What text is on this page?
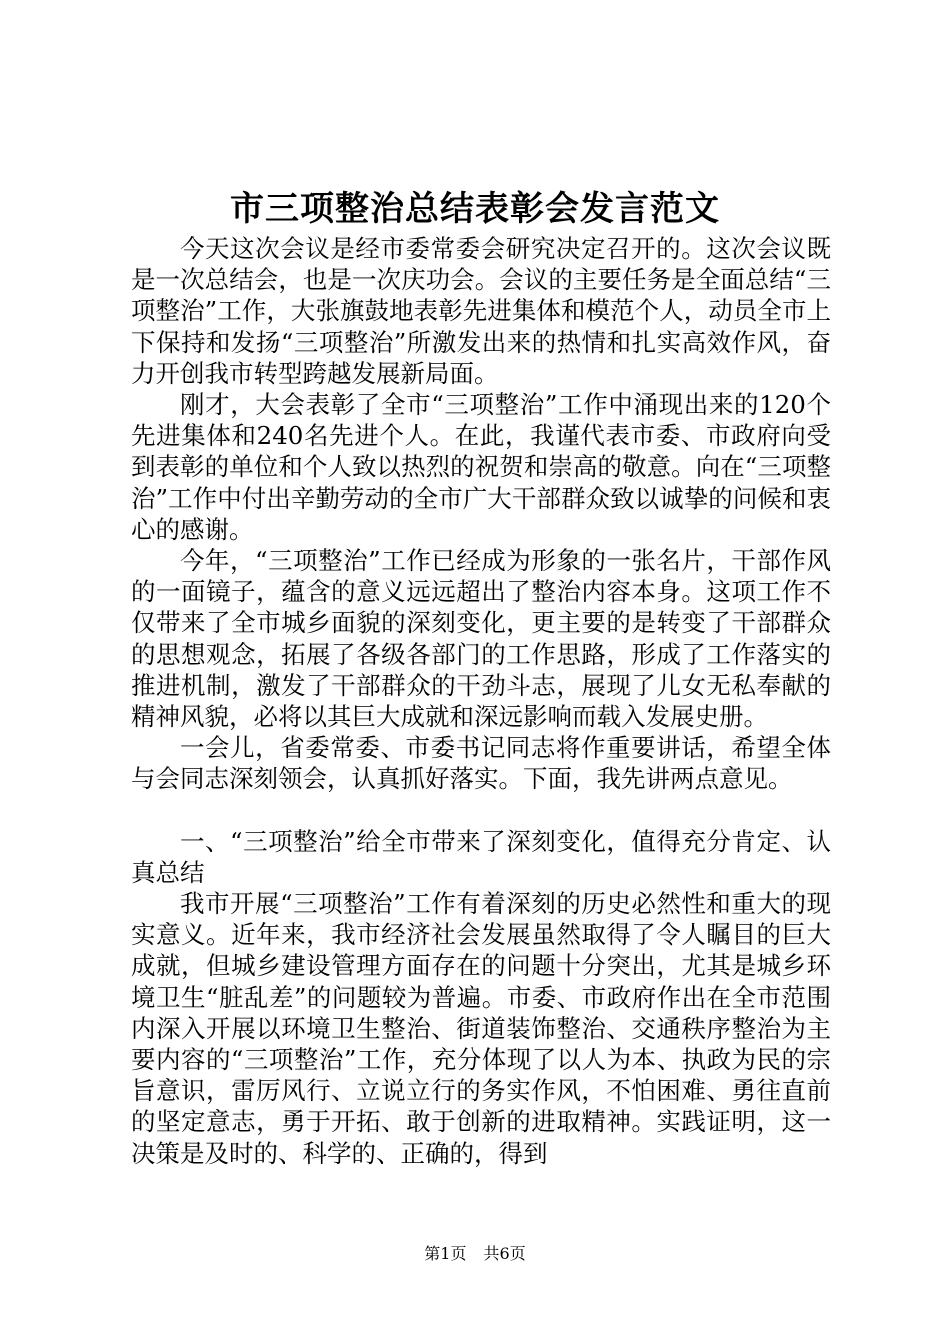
市三项整治总结表彰会发言范文

今天这次会议是经市委常委会研究决定召开的。这次会议既是一次总结会，也是一次庆功会。会议的主要任务是全面总结“三项整治”工作，大张旗鼓地表彰先进集体和模范个人，动员全市上下保持和发扬“三项整治”所激发出来的热情和扎实高效作风，奋力开创我市转型跨越发展新局面。

刚才，大会表彰了全市“三项整治”工作中涌现出来的120个先进集体和240名先进个人。在此，我谨代表市委、市政府向受到表彰的单位和个人致以热烈的祝贺和崇高的敬意。向在“三项整治”工作中付出辛勤劳动的全市广大干部群众致以诚挚的问候和衷心的感谢。

今年，“三项整治”工作已经成为形象的一张名片，干部作风的一面镜子，蕴含的意义远远超出了整治内容本身。这项工作不仅带来了全市城乡面貌的深刻变化，更主要的是转变了干部群众的思想观念，拓展了各级各部门的工作思路，形成了工作落实的推进机制，激发了干部群众的干劲斗志，展现了儿女无私奉献的精神风貌，必将以其巨大成就和深远影响而载入发展史册。

一会儿，省委常委、市委书记同志将作重要讲话，希望全体与会同志深刻领会，认真抓好落实。下面，我先讲两点意见。

一、“三项整治”给全市带来了深刻变化，值得充分肯定、认真总结

我市开展“三项整治”工作有着深刻的历史必然性和重大的现实意义。近年来，我市经济社会发展虽然取得了令人瞩目的巨大成就，但城乡建设管理方面存在的问题十分突出，尤其是城乡环境卫生“脏乱差”的问题较为普遍。市委、市政府作出在全市范围内深入开展以环境卫生整治、街道装饰整治、交通秩序整治为主要内容的“三项整治”工作，充分体现了以人为本、执政为民的宗旨意识，雷厉风行、立说立行的务实作风，不怕困难、勇往直前的坚定意志，勇于开拓、敢于创新的进取精神。实践证明，这一决策是及时的、科学的、正确的，得到

第1页 共6页
